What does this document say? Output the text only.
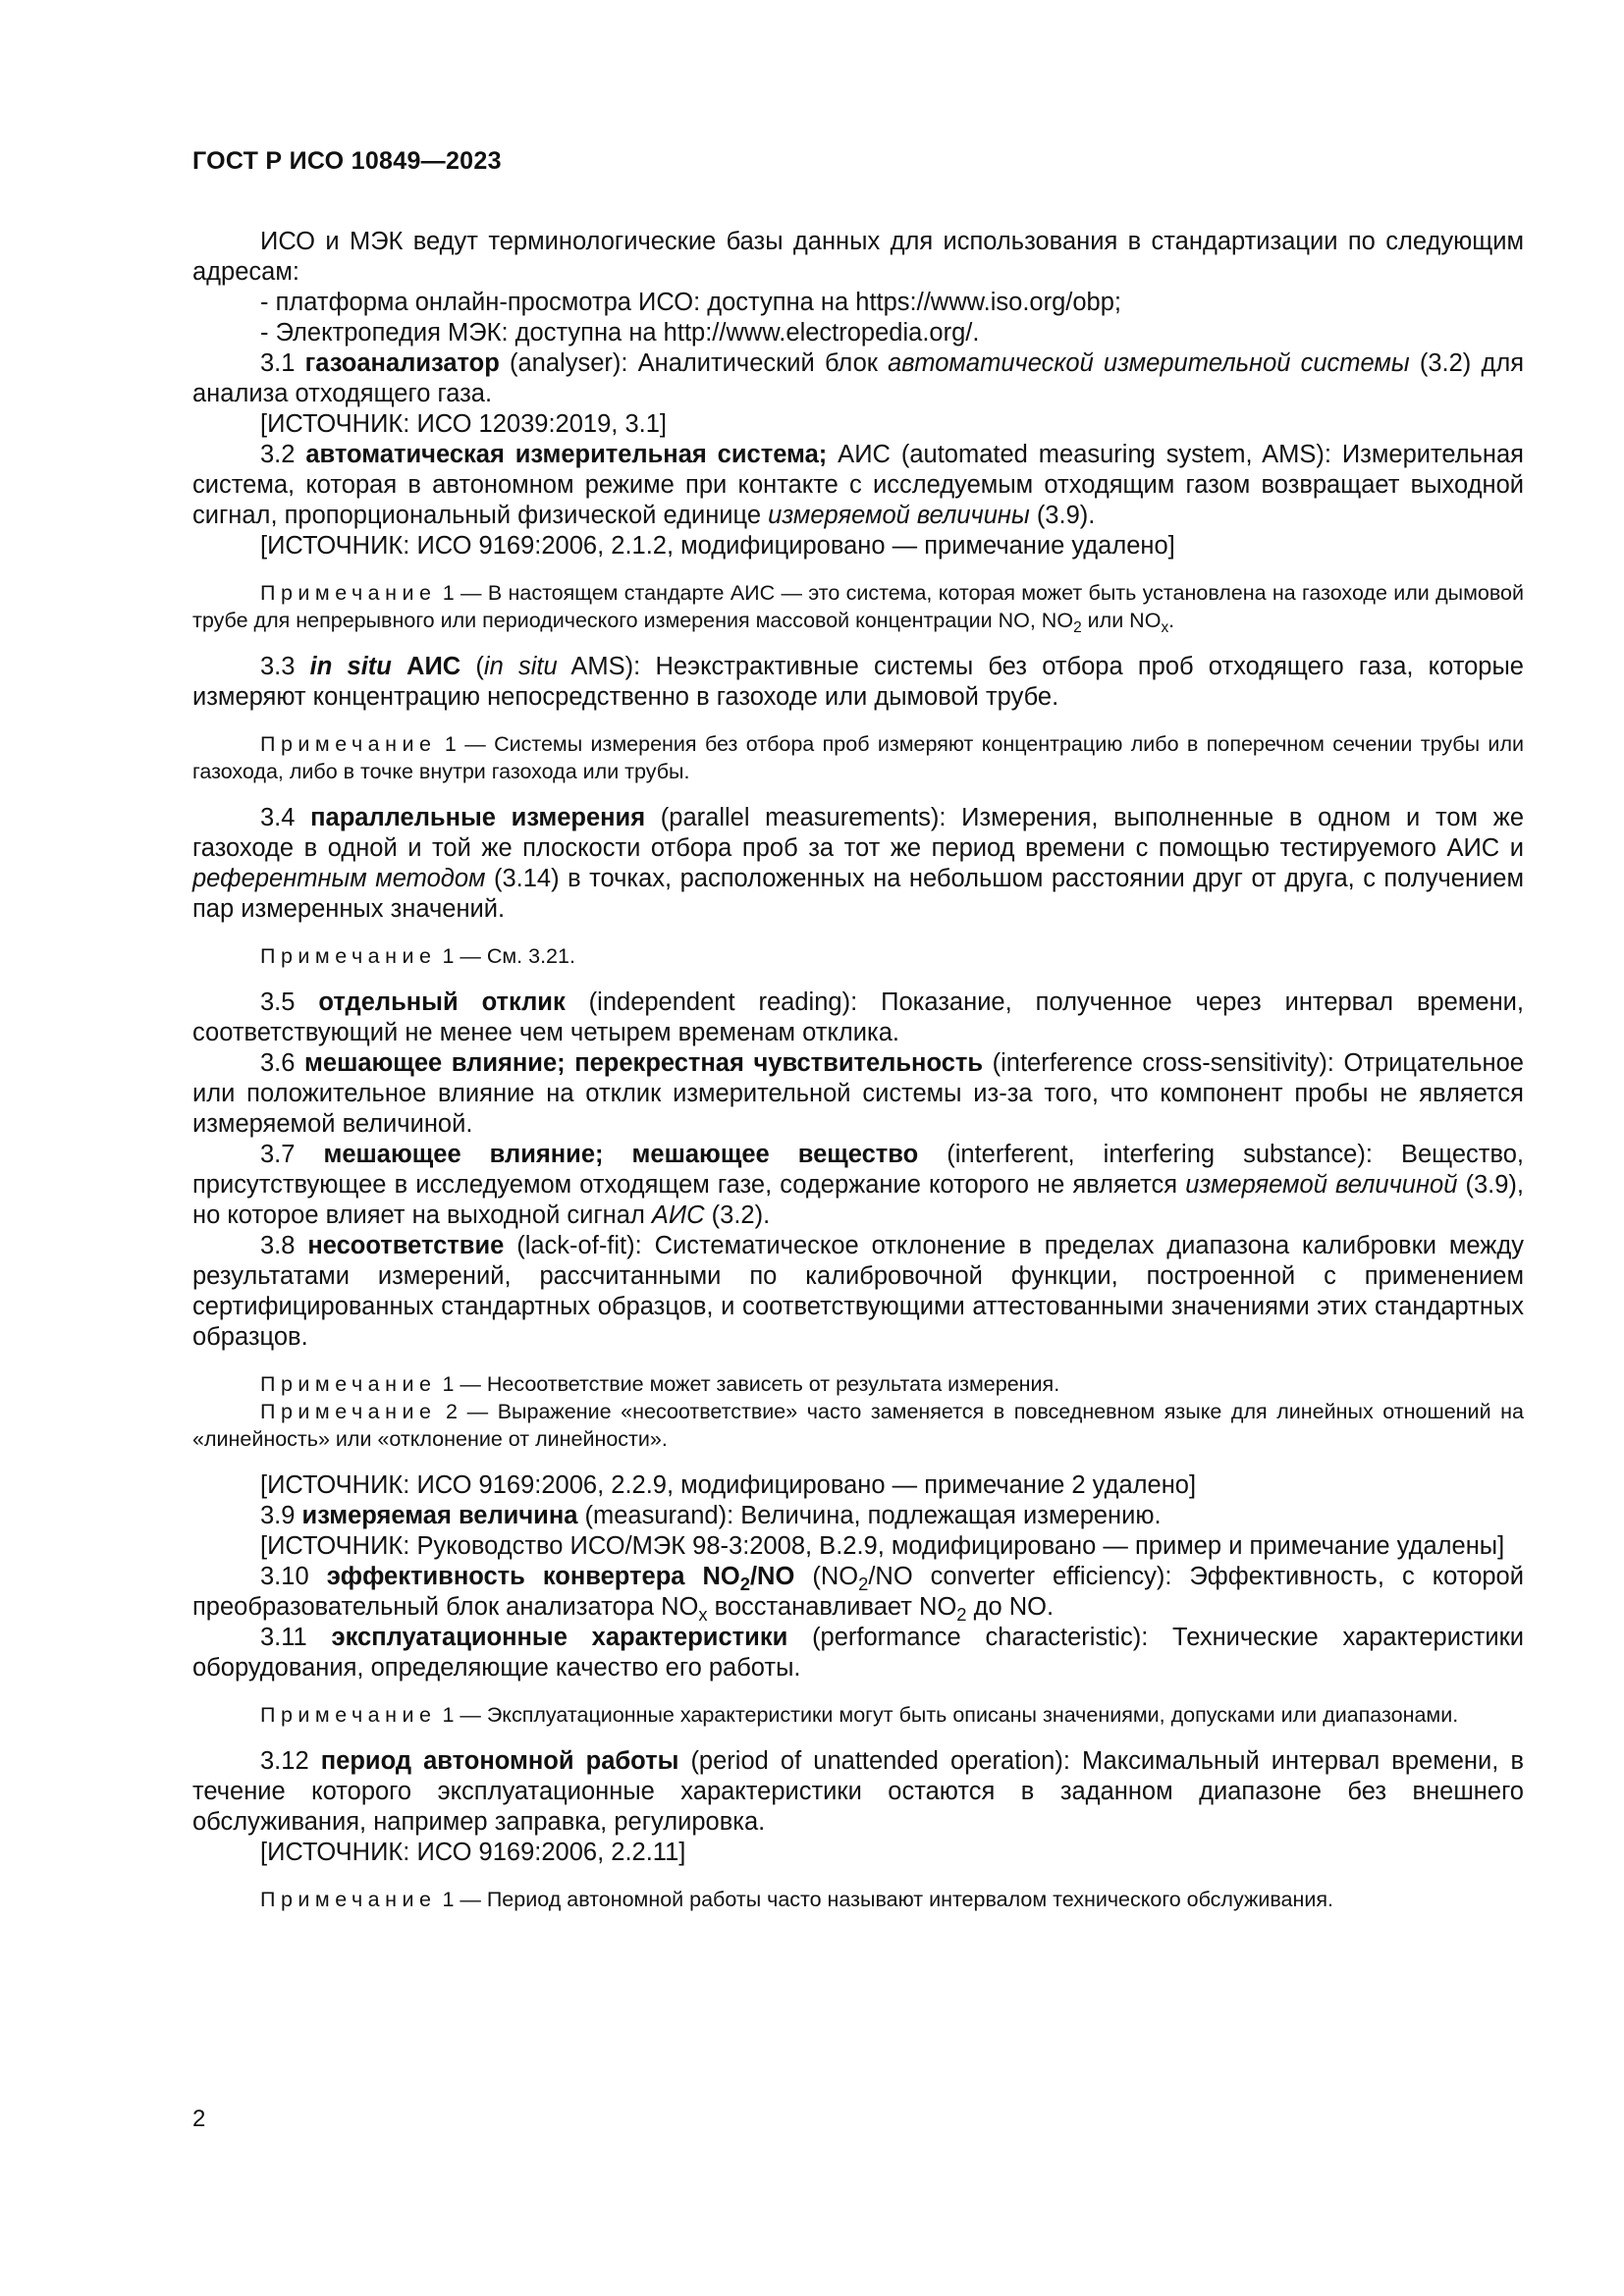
ГОСТ Р ИСО 10849—2023

ИСО и МЭК ведут терминологические базы данных для использования в стандартизации по следующим адресам:

- платформа онлайн-просмотра ИСО: доступна на https://www.iso.org/obp;

- Электропедия МЭК: доступна на http://www.electropedia.org/.

3.1 газоанализатор (analyser): Аналитический блок автоматической измерительной системы (3.2) для анализа отходящего газа.

[ИСТОЧНИК: ИСО 12039:2019, 3.1]

3.2 автоматическая измерительная система; АИС (automated measuring system, AMS): Измерительная система, которая в автономном режиме при контакте с исследуемым отходящим газом возвращает выходной сигнал, пропорциональный физической единице измеряемой величины (3.9).

[ИСТОЧНИК: ИСО 9169:2006, 2.1.2, модифицировано — примечание удалено]

Примечание 1 — В настоящем стандарте АИС — это система, которая может быть установлена на газоходе или дымовой трубе для непрерывного или периодического измерения массовой концентрации NO, $NO_2$ или $NO_x$.

3.3 in situ АИС (in situ AMS): Неэкстрактивные системы без отбора проб отходящего газа, которые измеряют концентрацию непосредственно в газоходе или дымовой трубе.

Примечание 1 — Системы измерения без отбора проб измеряют концентрацию либо в поперечном сечении трубы или газохода, либо в точке внутри газохода или трубы.

3.4 параллельные измерения (parallel measurements): Измерения, выполненные в одном и том же газоходе в одной и той же плоскости отбора проб за тот же период времени с помощью тестируемого АИС и референтным методом (3.14) в точках, расположенных на небольшом расстоянии друг от друга, с получением пар измеренных значений.

Примечание 1 — См. 3.21.

3.5 отдельный отклик (independent reading): Показание, полученное через интервал времени, соответствующий не менее чем четырем временам отклика.

3.6 мешающее влияние; перекрестная чувствительность (interference cross-sensitivity): Отрицательное или положительное влияние на отклик измерительной системы из-за того, что компонент пробы не является измеряемой величиной.

3.7 мешающее влияние; мешающее вещество (interferent, interfering substance): Вещество, присутствующее в исследуемом отходящем газе, содержание которого не является измеряемой величиной (3.9), но которое влияет на выходной сигнал АИС (3.2).

3.8 несоответствие (lack-of-fit): Систематическое отклонение в пределах диапазона калибровки между результатами измерений, рассчитанными по калибровочной функции, построенной с применением сертифицированных стандартных образцов, и соответствующими аттестованными значениями этих стандартных образцов.

Примечание 1 — Несоответствие может зависеть от результата измерения.

Примечание 2 — Выражение «несоответствие» часто заменяется в повседневном языке для линейных отношений на «линейность» или «отклонение от линейности».

[ИСТОЧНИК: ИСО 9169:2006, 2.2.9, модифицировано — примечание 2 удалено]

3.9 измеряемая величина (measurand): Величина, подлежащая измерению.

[ИСТОЧНИК: Руководство ИСО/МЭК 98-3:2008, B.2.9, модифицировано — пример и примечание удалены]

3.10 эффективность конвертера $NO_2/NO$ ($NO_2/NO$ converter efficiency): Эффективность, с которой преобразовательный блок анализатора $NO_x$ восстанавливает $NO_2$ до NO.

3.11 эксплуатационные характеристики (performance characteristic): Технические характеристики оборудования, определяющие качество его работы.

Примечание 1 — Эксплуатационные характеристики могут быть описаны значениями, допусками или диапазонами.

3.12 период автономной работы (period of unattended operation): Максимальный интервал времени, в течение которого эксплуатационные характеристики остаются в заданном диапазоне без внешнего обслуживания, например заправка, регулировка.

[ИСТОЧНИК: ИСО 9169:2006, 2.2.11]

Примечание 1 — Период автономной работы часто называют интервалом технического обслуживания.

2
